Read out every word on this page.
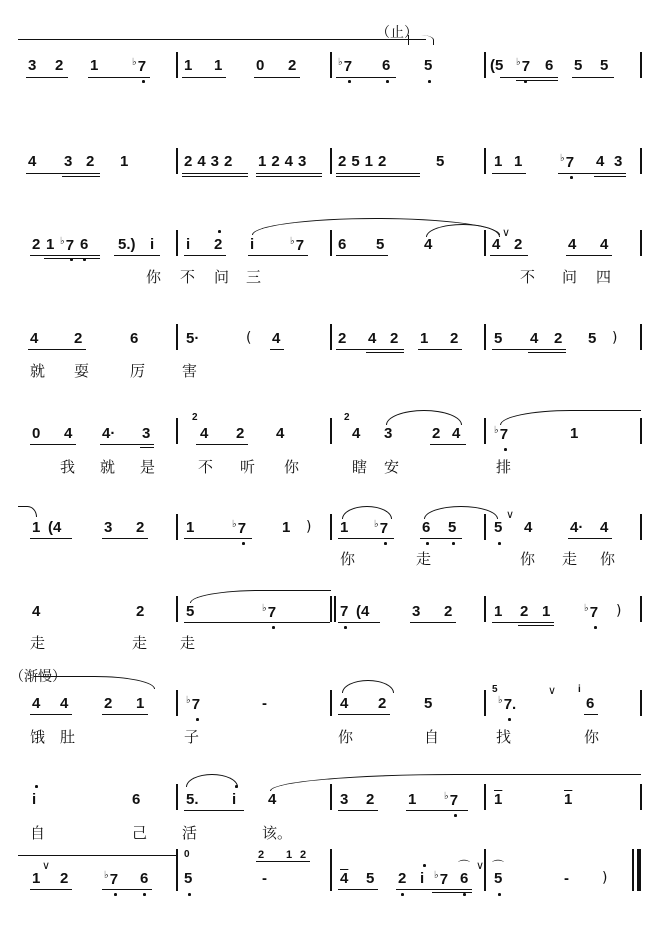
（止）
3 2 1	♭7	1 1 0 2	♭7 6 5	(5 ♭7 6 5 5
4 3 2 1	2432 1243 2512	5	1 1	♭7 4 3
2 1 ♭7 6 5.) i i 2 i	♭7 6 5	4	4
∨
2	4 4
你 不 问 三	不 问 四
4 2	6	5·	( 4	2 4 2 1 2 5 4 2 5 )
就 耍	厉 害
0 4 4· 3
2
4 2 4
2
4 3	2 4	♭7	1
我 就 是	不 听 你	瞎 安	排
1 (4	3 2	1	♭7 1 ) 1	♭7 6 5	5
∨
4	4· 4
你	走	你 走 你
4	2	5	♭7	7 (4	3 2	1 2 1	♭7 )
走	走 走
（渐慢）
4 4 2 1	♭7	-	4 2	5
5
♭7.
∨ i
6
饿 肚	子	你	自	找	你
i	6	5. i 4	3 2 1	♭7 1	1
自	己 活	该。
1
∨
2	♭7 6
0
5	-
2 1 2
4 5 2 i ♭7 6
⌒ ∨
5
⌒
- )
